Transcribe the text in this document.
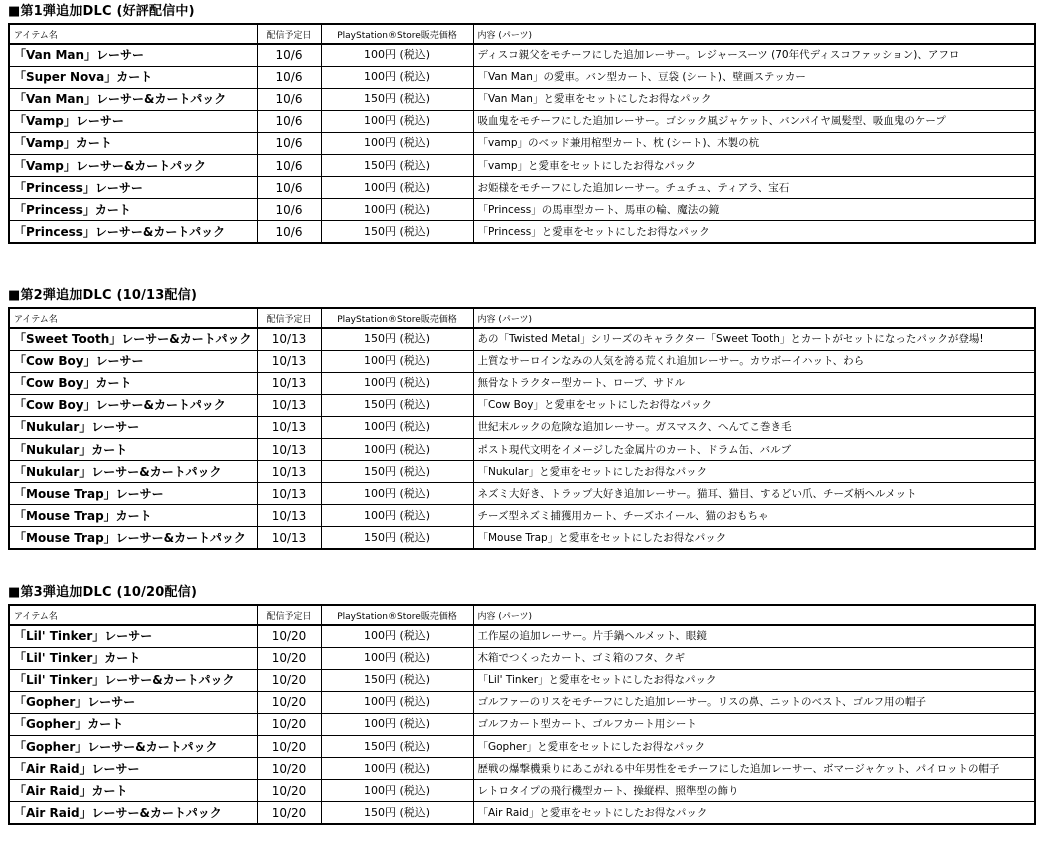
■第1弾追加DLC (好評配信中)
アイテム名	配信予定日	PlayStation®Store販売価格	内容 (パーツ)
「Van Man」レーサー	10/6	100円 (税込)	ディスコ親父をモチーフにした追加レーサー。レジャースーツ (70年代ディスコファッション)、アフロ
「Super Nova」カート	10/6	100円 (税込)	「Van Man」の愛車。バン型カート、豆袋 (シート)、壁画ステッカー
「Van Man」レーサー&カートパック	10/6	150円 (税込)	「Van Man」と愛車をセットにしたお得なパック
「Vamp」レーサー	10/6	100円 (税込)	吸血鬼をモチーフにした追加レーサー。ゴシック風ジャケット、バンパイヤ風髪型、吸血鬼のケープ
「Vamp」カート	10/6	100円 (税込)	「vamp」のベッド兼用棺型カート、枕 (シート)、木製の杭
「Vamp」レーサー&カートパック	10/6	150円 (税込)	「vamp」と愛車をセットにしたお得なパック
「Princess」レーサー	10/6	100円 (税込)	お姫様をモチーフにした追加レーサー。チュチュ、ティアラ、宝石
「Princess」カート	10/6	100円 (税込)	「Princess」の馬車型カート、馬車の輪、魔法の鏡
「Princess」レーサー&カートパック	10/6	150円 (税込)	「Princess」と愛車をセットにしたお得なパック
■第2弾追加DLC (10/13配信)
アイテム名	配信予定日	PlayStation®Store販売価格	内容 (パーツ)
「Sweet Tooth」レーサー&カートパック	10/13	150円 (税込)	あの「Twisted Metal」シリーズのキャラクター「Sweet Tooth」とカートがセットになったパックが登場!
「Cow Boy」レーサー	10/13	100円 (税込)	上質なサーロインなみの人気を誇る荒くれ追加レーサー。カウボーイハット、わら
「Cow Boy」カート	10/13	100円 (税込)	無骨なトラクター型カート、ロープ、サドル
「Cow Boy」レーサー&カートパック	10/13	150円 (税込)	「Cow Boy」と愛車をセットにしたお得なパック
「Nukular」レーサー	10/13	100円 (税込)	世紀末ルックの危険な追加レーサー。ガスマスク、へんてこ巻き毛
「Nukular」カート	10/13	100円 (税込)	ポスト現代文明をイメージした金属片のカート、ドラム缶、バルブ
「Nukular」レーサー&カートパック	10/13	150円 (税込)	「Nukular」と愛車をセットにしたお得なパック
「Mouse Trap」レーサー	10/13	100円 (税込)	ネズミ大好き、トラップ大好き追加レーサー。猫耳、猫目、するどい爪、チーズ柄ヘルメット
「Mouse Trap」カート	10/13	100円 (税込)	チーズ型ネズミ捕獲用カート、チーズホイール、猫のおもちゃ
「Mouse Trap」レーサー&カートパック	10/13	150円 (税込)	「Mouse Trap」と愛車をセットにしたお得なパック
■第3弾追加DLC (10/20配信)
アイテム名	配信予定日	PlayStation®Store販売価格	内容 (パーツ)
「Lil' Tinker」レーサー	10/20	100円 (税込)	工作屋の追加レーサー。片手鍋ヘルメット、眼鏡
「Lil' Tinker」カート	10/20	100円 (税込)	木箱でつくったカート、ゴミ箱のフタ、クギ
「Lil' Tinker」レーサー&カートパック	10/20	150円 (税込)	「Lil' Tinker」と愛車をセットにしたお得なパック
「Gopher」レーサー	10/20	100円 (税込)	ゴルファーのリスをモチーフにした追加レーサー。リスの鼻、ニットのベスト、ゴルフ用の帽子
「Gopher」カート	10/20	100円 (税込)	ゴルフカート型カート、ゴルフカート用シート
「Gopher」レーサー&カートパック	10/20	150円 (税込)	「Gopher」と愛車をセットにしたお得なパック
「Air Raid」レーサー	10/20	100円 (税込)	歴戦の爆撃機乗りにあこがれる中年男性をモチーフにした追加レーサー、ボマージャケット、パイロットの帽子
「Air Raid」カート	10/20	100円 (税込)	レトロタイプの飛行機型カート、操縦桿、照準型の飾り
「Air Raid」レーサー&カートパック	10/20	150円 (税込)	「Air Raid」と愛車をセットにしたお得なパック
